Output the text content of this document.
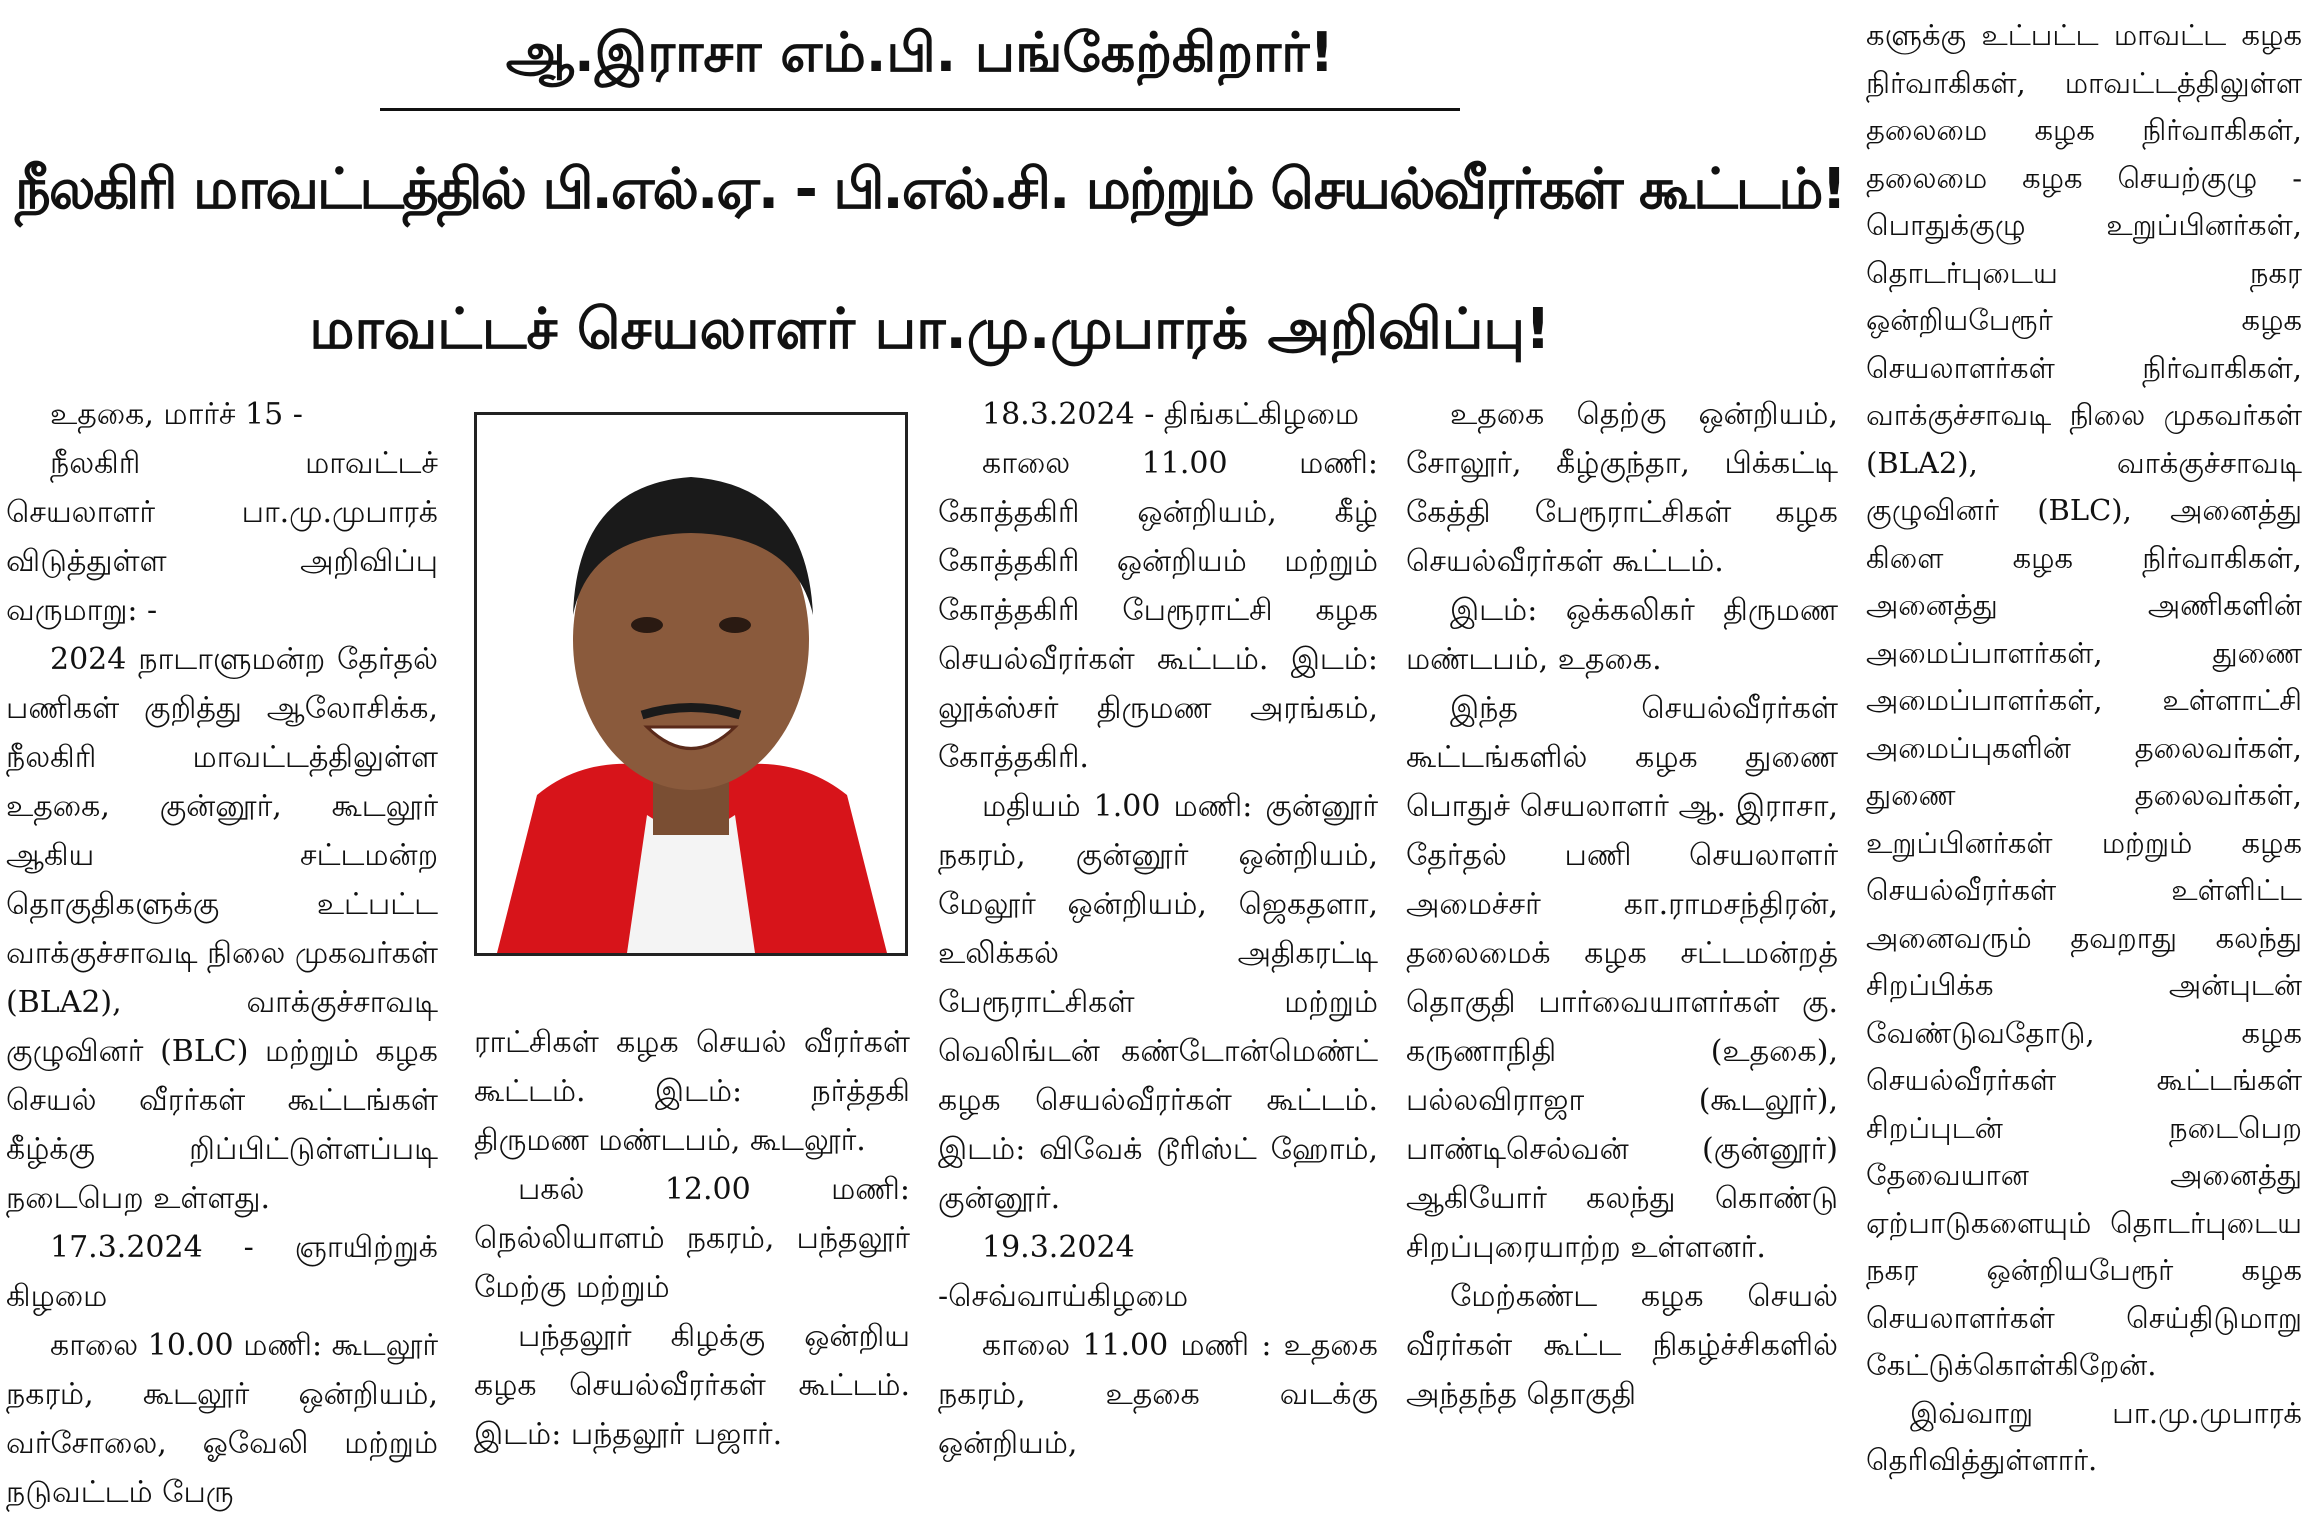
ஆ.இராசா எம்.பி. பங்கேற்கிறார்!
நீலகிரி மாவட்டத்தில் பி.எல்.ஏ. - பி.எல்.சி. மற்றும் செயல்வீரர்கள் கூட்டம்!
மாவட்டச் செயலாளர் பா.மு.முபாரக் அறிவிப்பு!

உதகை, மார்ச் 15 -

நீலகிரி மாவட்டச் செயலாளர் பா.மு.முபாரக் விடுத்துள்ள அறிவிப்பு வருமாறு: -

2024 நாடாளுமன்ற தேர்தல் பணிகள் குறித்து ஆலோசிக்க, நீலகிரி மாவட்டத்திலுள்ள உதகை, குன்னூர், கூடலூர் ஆகிய சட்டமன்ற தொகுதிகளுக்கு உட்பட்ட வாக்குச்சாவடி நிலை முகவர்கள் (BLA2), வாக்குச்சாவடி குழுவினர் (BLC) மற்றும் கழக செயல் வீரர்கள் கூட்டங்கள் கீழ்க்கு றிப்பிட்டுள்ளப்படி நடைபெற உள்ளது.

17.3.2024 - ஞாயிற்றுக் கிழமை

காலை 10.00 மணி: கூடலூர் நகரம், கூடலூர் ஒன்றியம், வர்சோலை, ஓவேலி மற்றும் நடுவட்டம் பேரு

ராட்சிகள் கழக செயல் வீரர்கள் கூட்டம். இடம்: நர்த்தகி திருமண மண்டபம், கூடலூர்.

பகல் 12.00 மணி: நெல்லியாளம் நகரம், பந்தலூர் மேற்கு மற்றும்

பந்தலூர் கிழக்கு ஒன்றிய கழக செயல்வீரர்கள் கூட்டம். இடம்: பந்தலூர் பஜார்.

18.3.2024 - திங்கட்கிழமை

காலை 11.00 மணி: கோத்தகிரி ஒன்றியம், கீழ் கோத்தகிரி ஒன்றியம் மற்றும் கோத்தகிரி பேரூராட்சி கழக செயல்வீரர்கள் கூட்டம். இடம்: லூக்ஸ்சர் திருமண அரங்கம், கோத்தகிரி.

மதியம் 1.00 மணி: குன்னூர் நகரம், குன்னூர் ஒன்றியம், மேலூர் ஒன்றியம், ஜெகதளா, உலிக்கல் அதிகரட்டி பேரூராட்சிகள் மற்றும் வெலிங்டன் கண்டோன்மெண்ட் கழக செயல்வீரர்கள் கூட்டம். இடம்: விவேக் டூரிஸ்ட் ஹோம், குன்னூர்.

19.3.2024 -செவ்வாய்கிழமை

காலை 11.00 மணி : உதகை நகரம், உதகை வடக்கு ஒன்றியம்,

உதகை தெற்கு ஒன்றியம், சோலூர், கீழ்குந்தா, பிக்கட்டி கேத்தி பேரூராட்சிகள் கழக செயல்வீரர்கள் கூட்டம்.

இடம்: ஒக்கலிகர் திருமண மண்டபம், உதகை.

இந்த செயல்வீரர்கள் கூட்டங்களில் கழக துணை பொதுச் செயலாளர் ஆ. இராசா, தேர்தல் பணி செயலாளர் அமைச்சர் கா.ராமசந்திரன், தலைமைக் கழக சட்டமன்றத் தொகுதி பார்வையாளர்கள் கு. கருணாநிதி (உதகை), பல்லவிராஜா (கூடலூர்), பாண்டிசெல்வன் (குன்னூர்) ஆகியோர் கலந்து கொண்டு சிறப்புரையாற்ற உள்ளனர்.

மேற்கண்ட கழக செயல் வீரர்கள் கூட்ட நிகழ்ச்சிகளில் அந்தந்த தொகுதி

களுக்கு உட்பட்ட மாவட்ட கழக நிர்வாகிகள், மாவட்டத்திலுள்ள தலைமை கழக நிர்வாகிகள், தலைமை கழக செயற்குழு - பொதுக்குழு உறுப்பினர்கள், தொடர்புடைய நகர ஒன்றியபேரூர் கழக செயலாளர்கள் நிர்வாகிகள், வாக்குச்சாவடி நிலை முகவர்கள் (BLA2), வாக்குச்சாவடி குழுவினர் (BLC), அனைத்து கிளை கழக நிர்வாகிகள், அனைத்து அணிகளின் அமைப்பாளர்கள், துணை அமைப்பாளர்கள், உள்ளாட்சி அமைப்புகளின் தலைவர்கள், துணை தலைவர்கள், உறுப்பினர்கள் மற்றும் கழக செயல்வீரர்கள் உள்ளிட்ட அனைவரும் தவறாது கலந்து சிறப்பிக்க அன்புடன் வேண்டுவதோடு, கழக செயல்வீரர்கள் கூட்டங்கள் சிறப்புடன் நடைபெற தேவையான அனைத்து ஏற்பாடுகளையும் தொடர்புடைய நகர ஒன்றியபேரூர் கழக செயலாளர்கள் செய்திடுமாறு கேட்டுக்கொள்கிறேன்.

இவ்வாறு பா.மு.முபாரக் தெரிவித்துள்ளார்.
